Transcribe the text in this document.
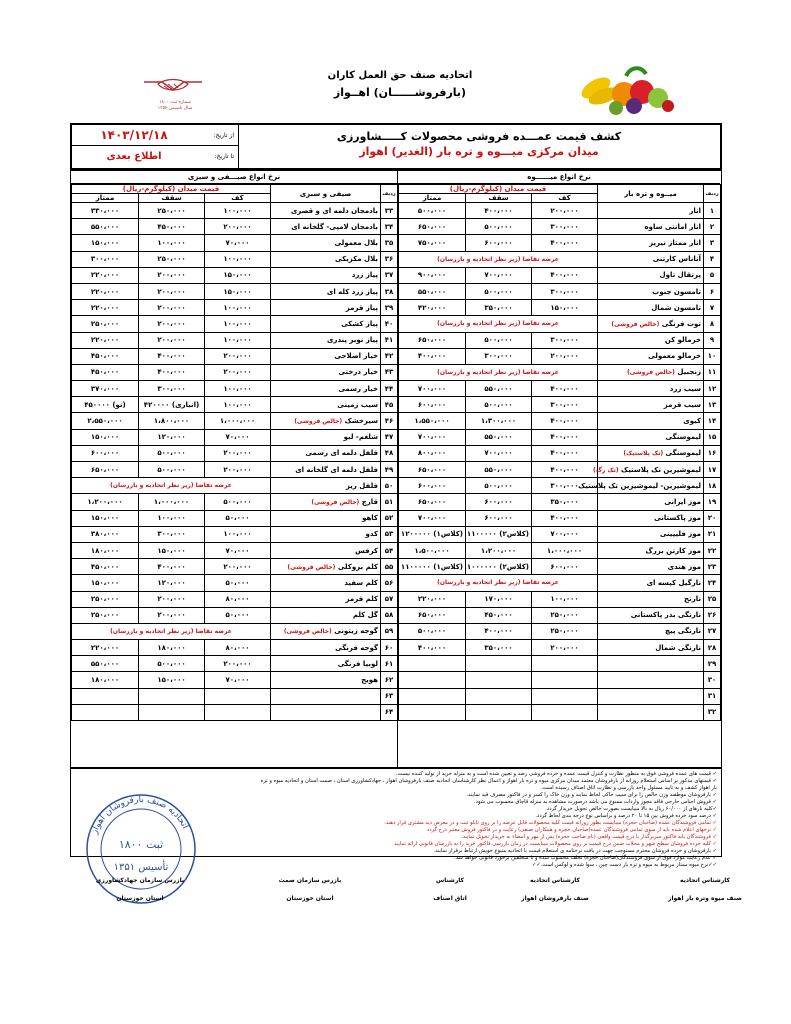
شماره ثبت ۱۸۰۰
سال تاسیس ۱۳۵۲
اتحادیه صنف حق العمل کاران
(بارفروشــــــان) اهــواز
از تاریخ:
۱۴۰۳/۱۲/۱۸
تا تاریخ:
اطلاع بعدی
کشف قیمت عمـــده فروشی محصولات کـــــشاورزی
میدان مرکزی میـــوه و تره بار (الغدیر) اهواز
نرخ انواع میــــــوه
ردیف	میــوه و تره بار	قیمت میدان (کیلوگرم-ریال)		
		کف	سقف	ممتاز
۱	انار	۲۰۰،۰۰۰	۴۰۰،۰۰۰	۵۰۰،۰۰۰
۲	انار امانتی ساوه	۳۰۰،۰۰۰	۵۰۰،۰۰۰	۶۵۰،۰۰۰
۳	انار ممتاز نیریز	۴۰۰،۰۰۰	۶۰۰،۰۰۰	۷۵۰،۰۰۰
۴	آناناس کارتنی	عرضه تقاضا (زیر نظر اتحادیه و بازرسان)		
۵	پرتقال تاول	۴۰۰،۰۰۰	۷۰۰،۰۰۰	۹۰۰،۰۰۰
۶	تامسون جنوب	۳۰۰،۰۰۰	۵۰۰،۰۰۰	۵۵۰،۰۰۰
۷	تامسون شمال	۱۵۰،۰۰۰	۳۵۰،۰۰۰	۴۲۰،۰۰۰
۸	توت فرنگی (خالص فروشی)	عرضه تقاضا (زیر نظر اتحادیه و بازرسان)		
۹	خرمالو کن	۳۰۰،۰۰۰	۵۰۰،۰۰۰	۶۵۰،۰۰۰
۱۰	خرمالو معمولی	۲۰۰،۰۰۰	۳۰۰،۰۰۰	۴۰۰،۰۰۰
۱۱	زنجبیل (خالص فروشی)	عرضه تقاضا (زیر نظر اتحادیه و بازرسان)		
۱۲	سیب زرد	۴۰۰،۰۰۰	۵۵۰،۰۰۰	۷۰۰،۰۰۰
۱۳	سیب قرمز	۳۰۰،۰۰۰	۵۰۰،۰۰۰	۶۰۰،۰۰۰
۱۴	کیوی	۴۰۰،۰۰۰	۱،۳۰۰،۰۰۰	۱،۵۵۰،۰۰۰
۱۵	لیموسنگی	۴۰۰،۰۰۰	۵۵۰،۰۰۰	۷۰۰،۰۰۰
۱۶	لیموسنگی (تک پلاستیک)	۴۰۰،۰۰۰	۷۰۰،۰۰۰	۸۰۰،۰۰۰
۱۷	لیموشیرین تک پلاستیک (تک رگ)	۴۰۰،۰۰۰	۵۵۰،۰۰۰	۶۵۰،۰۰۰
۱۸	لیموشیرین- لیموشیرین تک پلاستیک	۳۰۰،۰۰۰	۵۰۰،۰۰۰	۶۰۰،۰۰۰
۱۹	موز ایرانی	۳۵۰،۰۰۰	۶۰۰،۰۰۰	۶۵۰،۰۰۰
۲۰	موز پاکستانی	۴۰۰،۰۰۰	۶۰۰،۰۰۰	۷۰۰،۰۰۰
۲۱	موز فلیپینی	۷۰۰،۰۰۰	(کلاس۲) ۱۱۰۰۰۰۰	(کلاس۱) ۱۲۰۰۰۰۰
۲۲	موز کارتن بزرگ	۱،۰۰۰،۰۰۰	۱،۲۰۰،۰۰۰	۱،۵۰۰،۰۰۰
۲۳	موز هندی	۶۰۰،۰۰۰	(کلاس۲) ۱۰۰۰۰۰۰	(کلاس۱) ۱۱۰۰۰۰۰
۲۴	نارگیل کیسه ای	عرضه تقاضا (زیر نظر اتحادیه و بازرسان)		
۲۵	نارنج	۱۰۰،۰۰۰	۱۷۰،۰۰۰	۲۲۰،۰۰۰
۲۶	نارنگی بذر پاکستانی	۲۵۰،۰۰۰	۴۵۰،۰۰۰	۶۵۰،۰۰۰
۲۷	نارنگی پیچ	۲۵۰،۰۰۰	۴۰۰،۰۰۰	۵۰۰،۰۰۰
۲۸	نارنگی شمال	۲۰۰،۰۰۰	۳۵۰،۰۰۰	۴۰۰،۰۰۰
۲۹				
۳۰				
۳۱				
۳۲				
نرخ انواع صیـــفی و سبزی
ردیف	صیفی و سبزی	قیمت میدان (کیلوگرم-ریال)		
		کف	سقف	ممتاز
۳۳	بادمجان دلمه ای و قصری	۱۰۰،۰۰۰	۲۵۰،۰۰۰	۳۳۰،۰۰۰
۳۴	بادمجان لامپی- گلخانه ای	۲۰۰،۰۰۰	۴۵۰،۰۰۰	۵۵۰،۰۰۰
۳۵	بلال معمولی	۷۰،۰۰۰	۱۰۰،۰۰۰	۱۵۰،۰۰۰
۳۶	بلال مکزیکی	۱۰۰،۰۰۰	۲۵۰،۰۰۰	۳۰۰،۰۰۰
۳۷	پیاز زرد	۱۵۰،۰۰۰	۲۰۰،۰۰۰	۲۲۰،۰۰۰
۳۸	پیاز زرد کله ای	۱۵۰،۰۰۰	۲۰۰،۰۰۰	۲۲۰،۰۰۰
۳۹	پیاز قرمز	۱۰۰،۰۰۰	۲۰۰،۰۰۰	۲۲۰،۰۰۰
۴۰	پیاز کشکی	۱۰۰،۰۰۰	۲۰۰،۰۰۰	۲۵۰،۰۰۰
۴۱	پیاز نوبر پندری	۱۰۰،۰۰۰	۲۰۰،۰۰۰	۲۲۰،۰۰۰
۴۲	خیار اصلاحی	۲۰۰،۰۰۰	۴۰۰،۰۰۰	۴۵۰،۰۰۰
۴۳	خیار درختی	۲۰۰،۰۰۰	۴۰۰،۰۰۰	۴۵۰،۰۰۰
۴۴	خیار رسمی	۱۰۰،۰۰۰	۳۰۰،۰۰۰	۳۷۰،۰۰۰
۴۵	سیب زمینی	۱۰۰،۰۰۰	(انباری) ۴۲۰۰۰۰	(نو) ۴۵۰۰۰۰
۴۶	سیرخشک (خالص فروشی)	۱،۰۰۰،۰۰۰	۱،۸۰۰،۰۰۰	۲،۵۵۰،۰۰۰
۴۷	شلغم- لبو	۷۰،۰۰۰	۱۲۰،۰۰۰	۱۵۰،۰۰۰
۴۸	فلفل دلمه ای رسمی	۲۰۰،۰۰۰	۵۰۰،۰۰۰	۶۰۰،۰۰۰
۴۹	فلفل دلمه ای گلخانه ای	۲۰۰،۰۰۰	۵۰۰،۰۰۰	۶۵۰،۰۰۰
۵۰	فلفل ریز	عرضه تقاضا (زیر نظر اتحادیه و بازرسان)		
۵۱	قارچ (خالص فروشی)	۵۰۰،۰۰۰	۱،۰۰۰،۰۰۰	۱،۲۰۰،۰۰۰
۵۲	کاهو	۵۰،۰۰۰	۱۰۰،۰۰۰	۱۵۰،۰۰۰
۵۳	کدو	۱۰۰،۰۰۰	۳۰۰،۰۰۰	۳۸۰،۰۰۰
۵۴	کرفس	۷۰،۰۰۰	۱۵۰،۰۰۰	۱۸۰،۰۰۰
۵۵	کلم بروکلی (خالص فروشی)	۲۰۰،۰۰۰	۴۰۰،۰۰۰	۴۵۰،۰۰۰
۵۶	کلم سفید	۵۰،۰۰۰	۱۲۰،۰۰۰	۱۵۰،۰۰۰
۵۷	کلم قرمز	۸۰،۰۰۰	۲۰۰،۰۰۰	۲۵۰،۰۰۰
۵۸	گل کلم	۵۰،۰۰۰	۲۰۰،۰۰۰	۲۵۰،۰۰۰
۵۹	گوجه زیتونی (خالص فروشی)	عرضه تقاضا (زیر نظر اتحادیه و بازرسان)		
۶۰	گوجه فرنگی	۸۰،۰۰۰	۱۸۰،۰۰۰	۲۲۰،۰۰۰
۶۱	لوبیا فرنگی	۲۰۰،۰۰۰	۵۰۰،۰۰۰	۵۵۰،۰۰۰
۶۲	هویج	۷۰،۰۰۰	۱۵۰،۰۰۰	۱۸۰،۰۰۰
۶۳				
۶۴				
✓ قیمت های عمده فروشی فوق به منظور نظارت و کنترل قیمت عمده و خرده فروشی رصد و تعیین شده است و به منزله خرید از تولید کننده نیست.
✓ قیمتهای مذکور بر اساس استعلام روزانه از بارفروشان معتمد میدان مرکزی میوه و تره بار اهواز و اعمال نظر کارشناسان اتحادیه صنف بارفروشان اهواز ، جهادکشاورزی استان ، صمت استان و اتحادیه میوه و تره
بار اهواز کشف و به تایید مسئول واحد بازرسی و نظارت اتاق اصناف رسیده است.
✓ بارفروشان موظفند وزن خالص را برای سیب خاکی لحاظ نمایند و وزن خاک را کسر و در فاکتور مصرف قید نمایند.
✓ فروش اجناس خارجی فاقد مجوز واردات ممنوع می باشد درصورت مشاهده به منزله قاچاق محسوب می شود.
✓کلیه بارهای از ۶۰/۰۰۰ ریال به بالا میبایست بصورت خالص تحویل خریدار گردد.
✓ درصد سود خرده فروش بین ۱۵ تا ۲۰ درصد و براساس نوع درجه بندی لحاظ گردد.
✓ تمامی فروشندگان عمده (صاحبان حجره) میبایست بطور روزانه قیمت کلیه محصولات قابل عرضه را بر روی تابلو ثبت و در معرض دید مشتری قرار دهند.
✓ نرخهای اعلام شده باید از سوی تمامی فروشندگان عمده(صاحبان حجره و همکاران صنفی) رعایت و در فاکتور فروش معتبر درج گردد
✓ فروشندگان باید فاکتور سربرگدار با درج قیمت واقعی (نام صاحب حجره) پس از مهر و امضاء به خریدار تحویل نمایند.
✓ کلیه خرده فروشان سطح شهر و محلات ضمن درج قیمت بر روی محصولات میبایست در زمان بازرسی فاکتور خرید را به بازرسان قانونی ارائه نمایند
✓ بارفروشان و خرده فروشان محترم مستوجب جهت در یافت نرخنامه ی استعلام قیمت با اتحادیه متبوع خویش ارتباط برقرار نمایند.
✓ عدم رعایت موارد فوق از سوی فروشندگان(صاحبان حجره) تخلف محسوب شده و با متخلفین برخورد قانونی خواهد شد.
✓✓نرخ میوه ممتاز مربوط به میوه و تره بار دست چین ، سوا شده و لوکس است.✓✓
اتحادیه صنف بارفروشان اهواز
ثبت ۱۸۰۰
تأسیس ۱۳۵۱
کارشناس اتحادیه
صنف میوه وتره بار اهواز
کارشناس اتحادیه
صنف بارفروشان اهواز
کارشناس
اتاق اصناف
بازرس سازمان صمت
استان خوزستان
بازرس سازمان جهادکشاورزی
استان خوزستان
